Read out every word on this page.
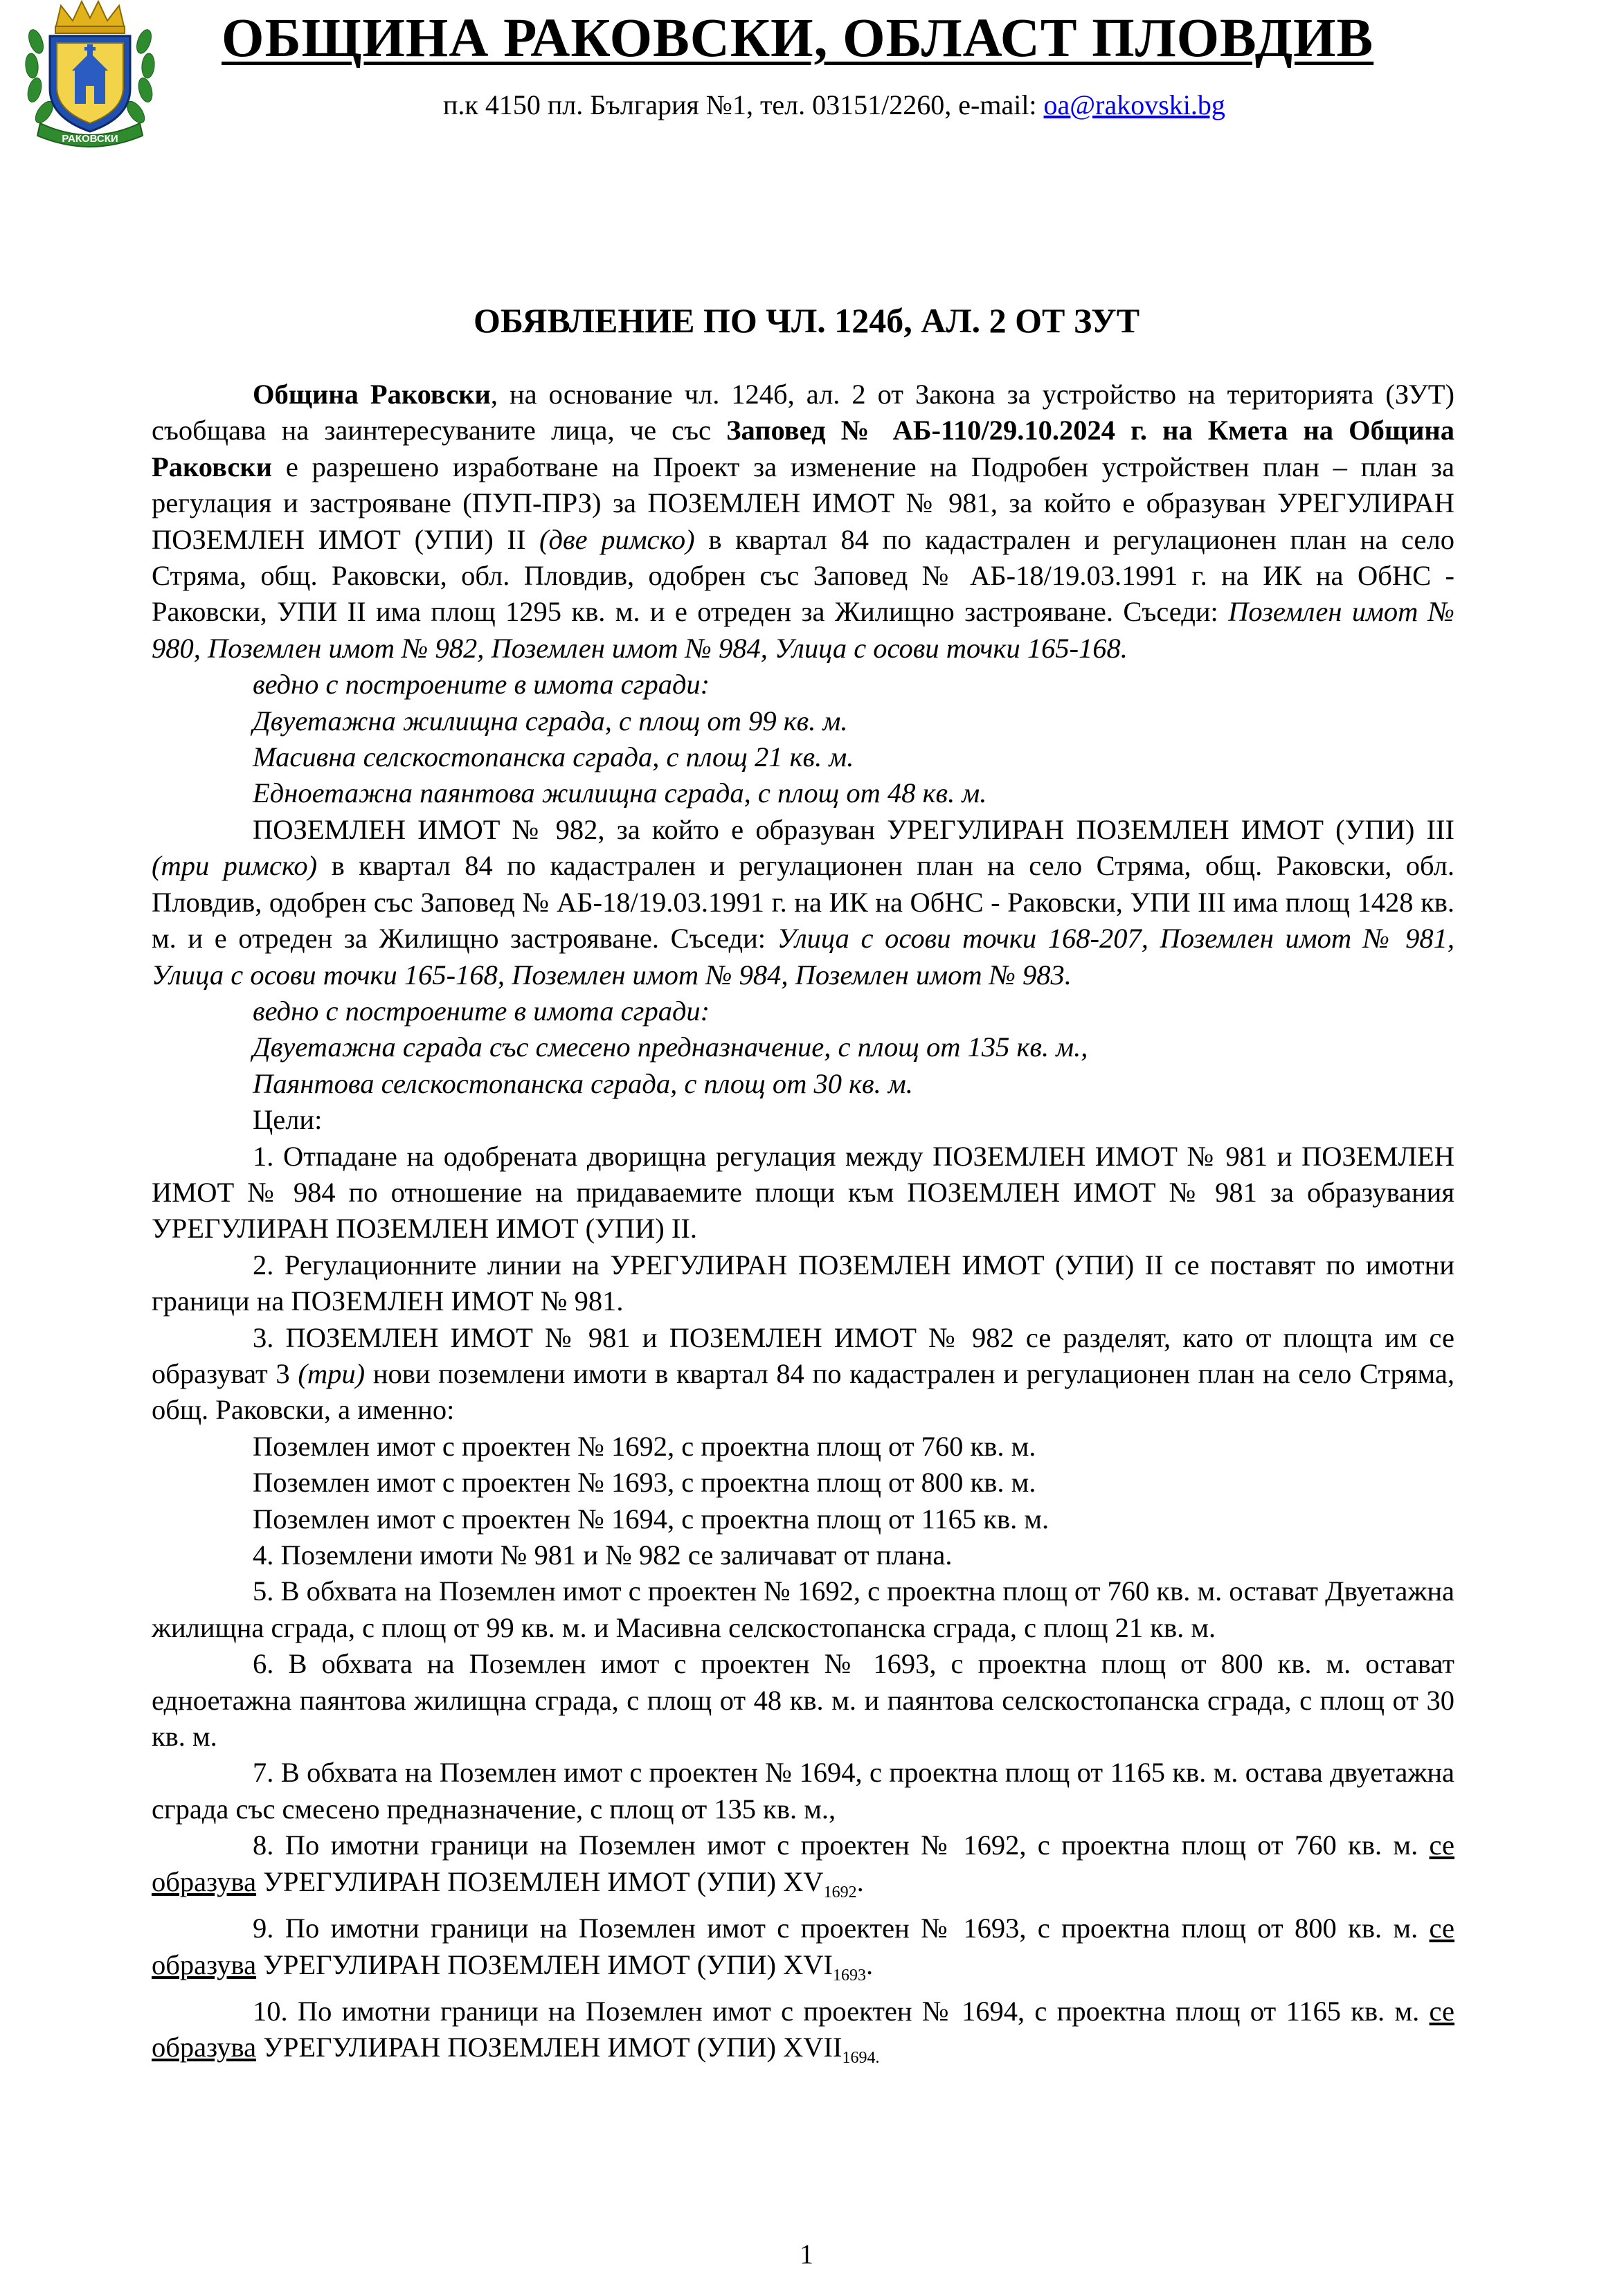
РАКОВСКИ
ОБЩИНА РАКОВСКИ, ОБЛАСТ ПЛОВДИВ
п.к 4150 пл. България №1, тел. 03151/2260, e-mail: oa@rakovski.bg
ОБЯВЛЕНИЕ ПО ЧЛ. 124б, АЛ. 2 ОТ ЗУТ

Община Раковски, на основание чл. 124б, ал. 2 от Закона за устройство на територията (ЗУТ) съобщава на заинтересуваните лица, че със Заповед № АБ-110/29.10.2024 г. на Кмета на Община Раковски е разрешено изработване на Проект за изменение на Подробен устройствен план – план за регулация и застрояване (ПУП-ПРЗ) за ПОЗЕМЛЕН ИМОТ № 981, за който е образуван УРЕГУЛИРАН ПОЗЕМЛЕН ИМОТ (УПИ) II (две римско) в квартал 84 по кадастрален и регулационен план на село Стряма, общ. Раковски, обл. Пловдив, одобрен със Заповед № АБ-18/19.03.1991 г. на ИК на ОбНС - Раковски, УПИ II има площ 1295 кв. м. и е отреден за Жилищно застрояване. Съседи: Поземлен имот № 980, Поземлен имот № 982, Поземлен имот № 984, Улица с осови точки 165-168.

ведно с построените в имота сгради:

Двуетажна жилищна сграда, с площ от 99 кв. м.

Масивна селскостопанска сграда, с площ 21 кв. м.

Едноетажна паянтова жилищна сграда, с площ от 48 кв. м.

ПОЗЕМЛЕН ИМОТ № 982, за който е образуван УРЕГУЛИРАН ПОЗЕМЛЕН ИМОТ (УПИ) III (три римско) в квартал 84 по кадастрален и регулационен план на село Стряма, общ. Раковски, обл. Пловдив, одобрен със Заповед № АБ-18/19.03.1991 г. на ИК на ОбНС - Раковски, УПИ III има площ 1428 кв. м. и е отреден за Жилищно застрояване. Съседи: Улица с осови точки 168-207, Поземлен имот № 981, Улица с осови точки 165-168, Поземлен имот № 984, Поземлен имот № 983.

ведно с построените в имота сгради:

Двуетажна сграда със смесено предназначение, с площ от 135 кв. м.,

Паянтова селскостопанска сграда, с площ от 30 кв. м.

Цели:

1. Отпадане на одобрената дворищна регулация между ПОЗЕМЛЕН ИМОТ № 981 и ПОЗЕМЛЕН ИМОТ № 984 по отношение на придаваемите площи към ПОЗЕМЛЕН ИМОТ № 981 за образувания УРЕГУЛИРАН ПОЗЕМЛЕН ИМОТ (УПИ) II.

2. Регулационните линии на УРЕГУЛИРАН ПОЗЕМЛЕН ИМОТ (УПИ) II се поставят по имотни граници на ПОЗЕМЛЕН ИМОТ № 981.

3. ПОЗЕМЛЕН ИМОТ № 981 и ПОЗЕМЛЕН ИМОТ № 982 се разделят, като от площта им се образуват 3 (три) нови поземлени имоти в квартал 84 по кадастрален и регулационен план на село Стряма, общ. Раковски, а именно:

Поземлен имот с проектен № 1692, с проектна площ от 760 кв. м.

Поземлен имот с проектен № 1693, с проектна площ от 800 кв. м.

Поземлен имот с проектен № 1694, с проектна площ от 1165 кв. м.

4. Поземлени имоти № 981 и № 982 се заличават от плана.

5. В обхвата на Поземлен имот с проектен № 1692, с проектна площ от 760 кв. м. остават Двуетажна жилищна сграда, с площ от 99 кв. м. и Масивна селскостопанска сграда, с площ 21 кв. м.

6. В обхвата на Поземлен имот с проектен № 1693, с проектна площ от 800 кв. м. остават едноетажна паянтова жилищна сграда, с площ от 48 кв. м. и паянтова селскостопанска сграда, с площ от 30 кв. м.

7. В обхвата на Поземлен имот с проектен № 1694, с проектна площ от 1165 кв. м. остава двуетажна сграда със смесено предназначение, с площ от 135 кв. м.,

8. По имотни граници на Поземлен имот с проектен № 1692, с проектна площ от 760 кв. м. се образува УРЕГУЛИРАН ПОЗЕМЛЕН ИМОТ (УПИ) $XV_{1692}$.

9. По имотни граници на Поземлен имот с проектен № 1693, с проектна площ от 800 кв. м. се образува УРЕГУЛИРАН ПОЗЕМЛЕН ИМОТ (УПИ) $XVI_{1693}$.

10. По имотни граници на Поземлен имот с проектен № 1694, с проектна площ от 1165 кв. м. се образува УРЕГУЛИРАН ПОЗЕМЛЕН ИМОТ (УПИ) $XVII_{1694.}$

1
